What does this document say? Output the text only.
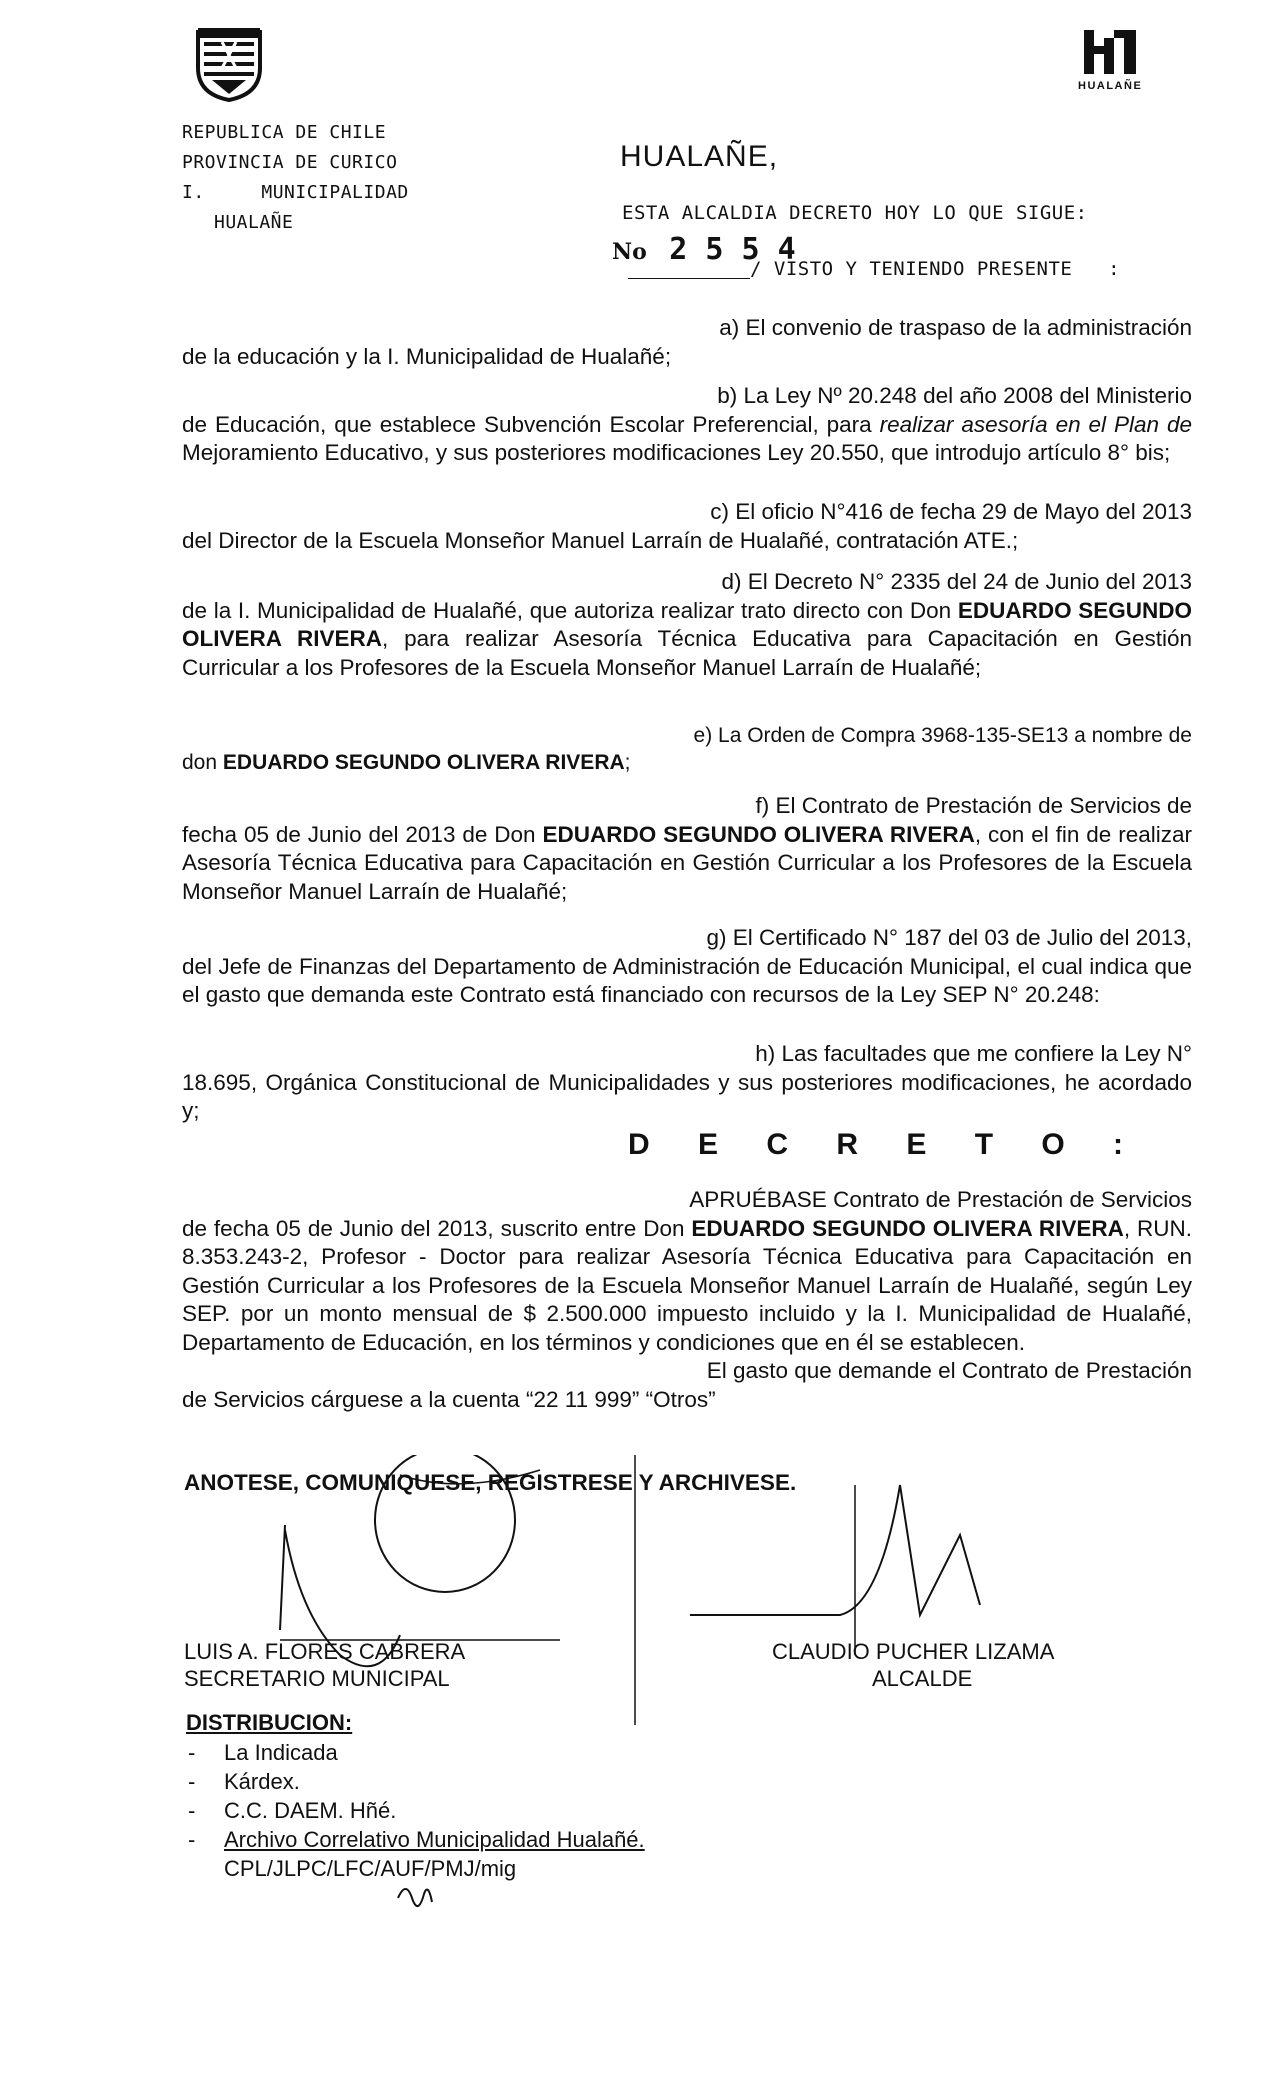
HUALAÑE
REPUBLICA DE CHILE
PROVINCIA DE CURICO
I.     MUNICIPALIDAD
HUALAÑE
HUALAÑE,
ESTA ALCALDIA DECRETO HOY LO QUE SIGUE:
No 2 5 5 4
/ VISTO Y TENIENDO PRESENTE   :
a) El convenio de traspaso de la administración
de la educación y la I. Municipalidad de Hualañé;
b) La Ley Nº 20.248 del año 2008 del Ministerio
de Educación, que establece Subvención Escolar Preferencial, para realizar asesoría en el Plan de Mejoramiento Educativo, y sus posteriores modificaciones Ley 20.550, que introdujo artículo 8° bis;
c) El oficio N°416 de fecha 29 de Mayo del 2013
del Director de la Escuela Monseñor Manuel Larraín de Hualañé, contratación ATE.;
d) El Decreto N° 2335 del 24 de Junio del 2013
de la I. Municipalidad de Hualañé, que autoriza realizar trato directo con Don EDUARDO SEGUNDO OLIVERA RIVERA, para realizar Asesoría Técnica Educativa para Capacitación en Gestión Curricular a los Profesores de la Escuela Monseñor Manuel Larraín de Hualañé;
e) La Orden de Compra 3968-135-SE13 a nombre de
don EDUARDO SEGUNDO OLIVERA RIVERA;
f) El Contrato de Prestación de Servicios de
fecha 05 de Junio del 2013 de Don EDUARDO SEGUNDO OLIVERA RIVERA, con el fin de realizar Asesoría Técnica Educativa para Capacitación en Gestión Curricular a los Profesores de la Escuela Monseñor Manuel Larraín de Hualañé;
g) El Certificado N° 187 del 03 de Julio del 2013,
del Jefe de Finanzas del Departamento de Administración de Educación Municipal, el cual indica que el gasto que demanda este Contrato está financiado con recursos de la Ley SEP N° 20.248:
h) Las facultades que me confiere la Ley N°
18.695, Orgánica Constitucional de Municipalidades y sus posteriores modificaciones, he acordado y;
D E C R E T O :
APRUÉBASE Contrato de Prestación de Servicios
de fecha 05 de Junio del 2013, suscrito entre Don EDUARDO SEGUNDO OLIVERA RIVERA, RUN. 8.353.243-2, Profesor - Doctor para realizar Asesoría Técnica Educativa para Capacitación en Gestión Curricular a los Profesores de la Escuela Monseñor Manuel Larraín de Hualañé, según Ley SEP. por un monto mensual de $ 2.500.000 impuesto incluido y la I. Municipalidad de Hualañé, Departamento de Educación, en los términos y condiciones que en él se establecen.
El gasto que demande el Contrato de Prestación
de Servicios cárguese a la cuenta “22 11 999” “Otros”
ANOTESE, COMUNIQUESE, REGISTRESE Y ARCHIVESE.
LUIS A. FLORES CABRERA
SECRETARIO MUNICIPAL
CLAUDIO PUCHER LIZAMA
ALCALDE
DISTRIBUCION:
-	La Indicada
-	Kárdex.
-	C.C. DAEM. Hñé.
-	Archivo Correlativo Municipalidad Hualañé.
CPL/JLPC/LFC/AUF/PMJ/mig
